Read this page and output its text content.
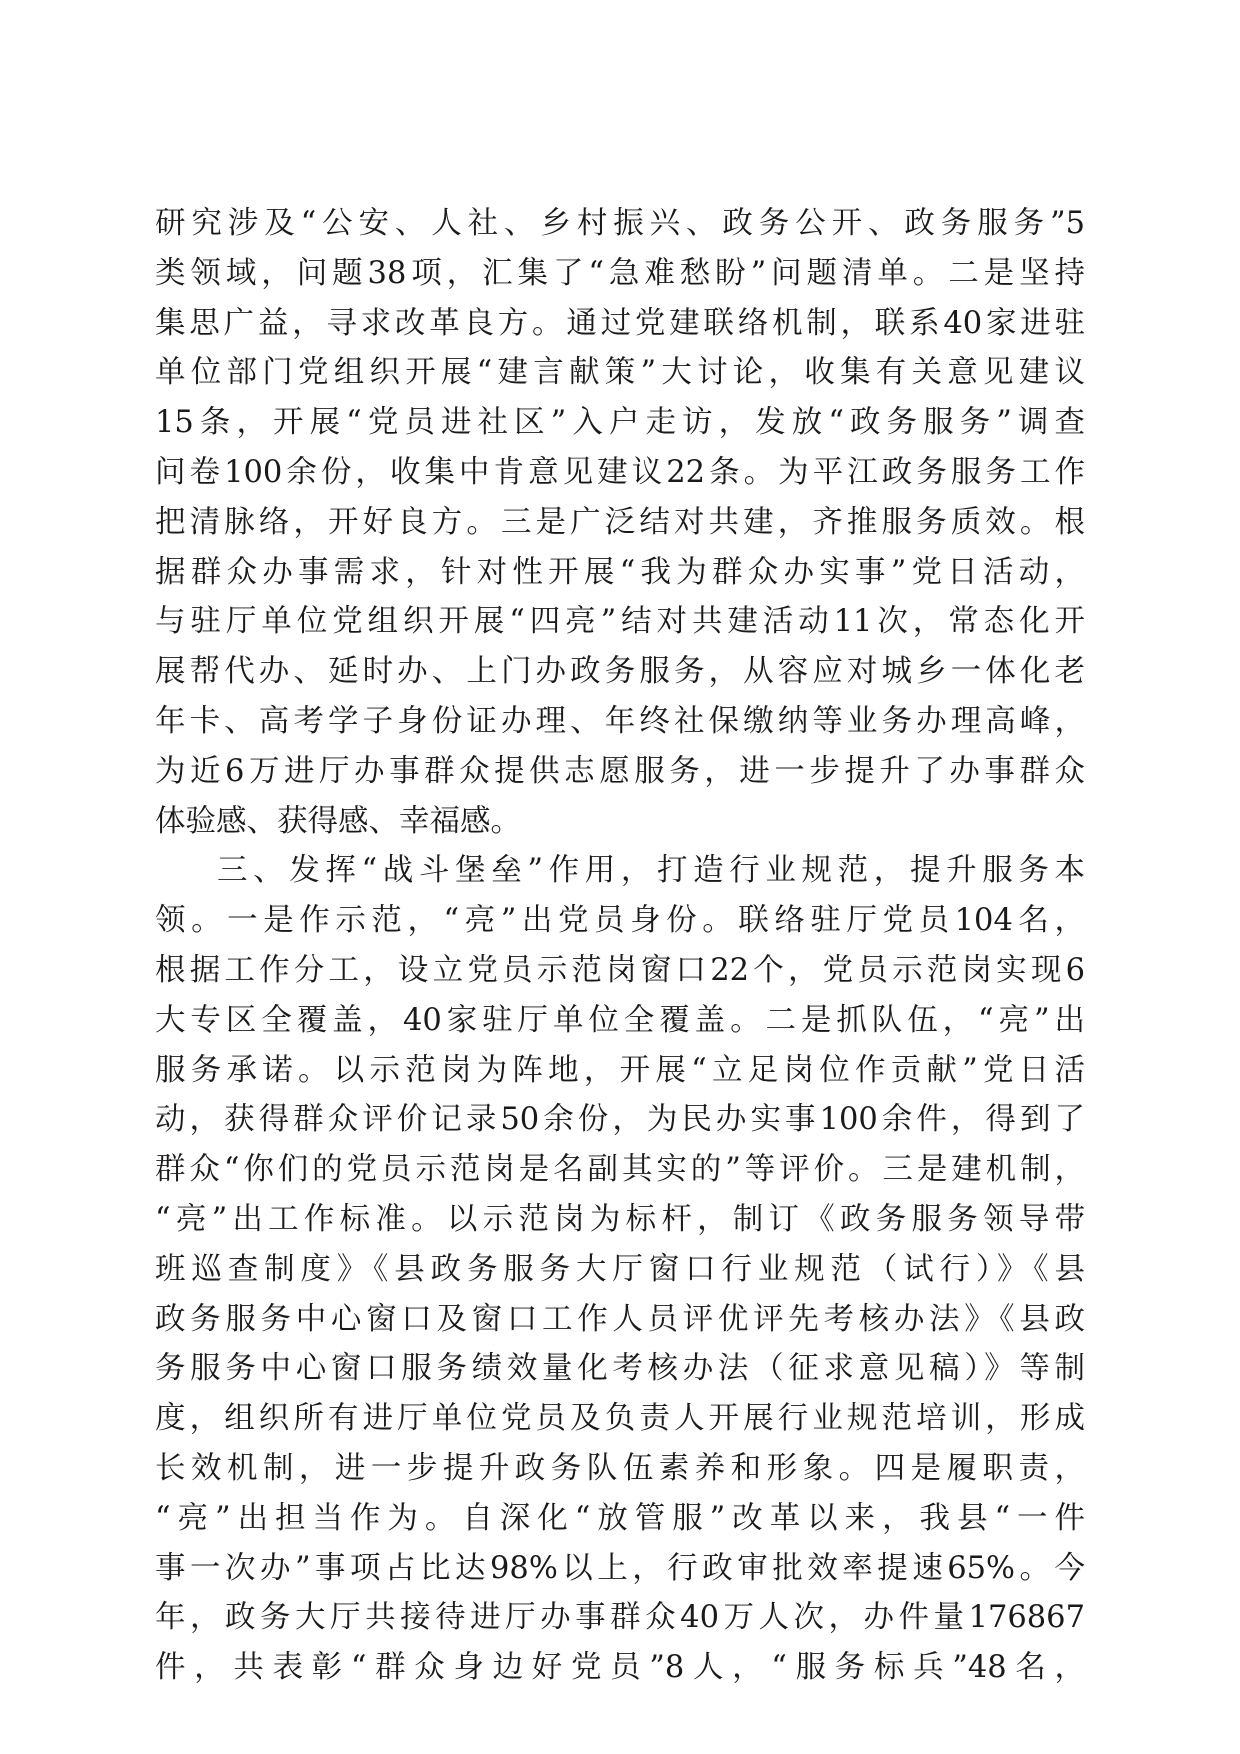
研究涉及“公安、人社、乡村振兴、政务公开、政务服务”5
类领域，问题38项，汇集了“急难愁盼”问题清单。二是坚持
集思广益，寻求改革良方。通过党建联络机制，联系40家进驻
单位部门党组织开展“建言献策”大讨论，收集有关意见建议
15条，开展“党员进社区”入户走访，发放“政务服务”调查
问卷100余份，收集中肯意见建议22条。为平江政务服务工作
把清脉络，开好良方。三是广泛结对共建，齐推服务质效。根
据群众办事需求，针对性开展“我为群众办实事”党日活动，
与驻厅单位党组织开展“四亮”结对共建活动11次，常态化开
展帮代办、延时办、上门办政务服务，从容应对城乡一体化老
年卡、高考学子身份证办理、年终社保缴纳等业务办理高峰，
为近6万进厅办事群众提供志愿服务，进一步提升了办事群众
体验感、获得感、幸福感。
三、发挥“战斗堡垒”作用，打造行业规范，提升服务本
领。一是作示范，“亮”出党员身份。联络驻厅党员104名，
根据工作分工，设立党员示范岗窗口22个，党员示范岗实现6
大专区全覆盖，40家驻厅单位全覆盖。二是抓队伍，“亮”出
服务承诺。以示范岗为阵地，开展“立足岗位作贡献”党日活
动，获得群众评价记录50余份，为民办实事100余件，得到了
群众“你们的党员示范岗是名副其实的”等评价。三是建机制，
“亮”出工作标准。以示范岗为标杆，制订《政务服务领导带
班巡查制度》《县政务服务大厅窗口行业规范（试行）》《县
政务服务中心窗口及窗口工作人员评优评先考核办法》《县政
务服务中心窗口服务绩效量化考核办法（征求意见稿）》等制
度，组织所有进厅单位党员及负责人开展行业规范培训，形成
长效机制，进一步提升政务队伍素养和形象。四是履职责，
“亮”出担当作为。自深化“放管服”改革以来，我县“一件
事一次办”事项占比达98%以上，行政审批效率提速65%。今
年，政务大厅共接待进厅办事群众40万人次，办件量176867
件，共表彰“群众身边好党员”8人，“服务标兵”48名，
